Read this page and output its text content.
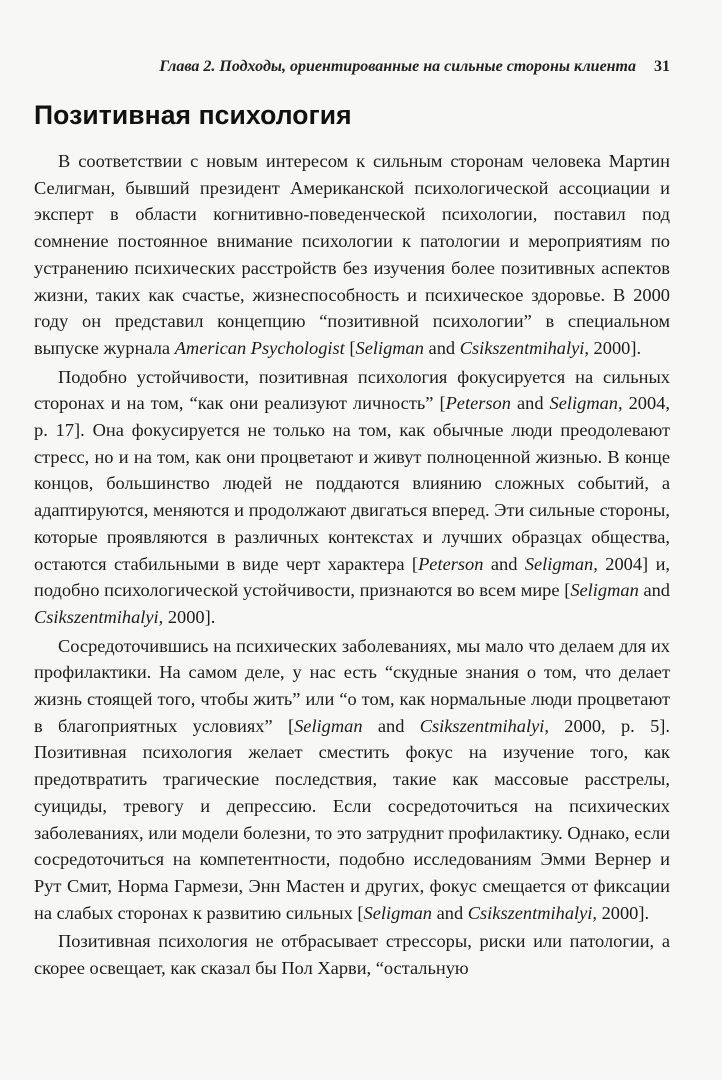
Глава 2. Подходы, ориентированные на сильные стороны клиента 31
Позитивная психология

В соответствии с новым интересом к сильным сторонам человека Мартин Селигман, бывший президент Американской психологической ассоциации и эксперт в области когнитивно-поведенческой психологии, поставил под сомнение постоянное внимание психологии к патологии и мероприятиям по устранению психических расстройств без изучения более позитивных аспектов жизни, таких как счастье, жизнеспособность и психическое здоровье. В 2000 году он представил концепцию “позитивной психологии” в специальном выпуске журнала American Psychologist [Seligman and Csikszentmihalyi, 2000].

Подобно устойчивости, позитивная психология фокусируется на сильных сторонах и на том, “как они реализуют личность” [Peterson and Seligman, 2004, p. 17]. Она фокусируется не только на том, как обычные люди преодолевают стресс, но и на том, как они процветают и живут полноценной жизнью. В конце концов, большинство людей не поддаются влиянию сложных событий, а адаптируются, меняются и продолжают двигаться вперед. Эти сильные стороны, которые проявляются в различных контекстах и лучших образцах общества, остаются стабильными в виде черт характера [Peterson and Seligman, 2004] и, подобно психологической устойчивости, признаются во всем мире [Seligman and Csikszentmihalyi, 2000].

Сосредоточившись на психических заболеваниях, мы мало что делаем для их профилактики. На самом деле, у нас есть “скудные знания о том, что делает жизнь стоящей того, чтобы жить” или “о том, как нормальные люди процветают в благоприятных условиях” [Seligman and Csikszentmihalyi, 2000, p. 5]. Позитивная психология желает сместить фокус на изучение того, как предотвратить трагические последствия, такие как массовые расстрелы, суициды, тревогу и депрессию. Если сосредоточиться на психических заболеваниях, или модели болезни, то это затруднит профилактику. Однако, если сосредоточиться на компетентности, подобно исследованиям Эмми Вернер и Рут Смит, Норма Гармези, Энн Мастен и других, фокус смещается от фиксации на слабых сторонах к развитию сильных [Seligman and Csikszentmihalyi, 2000].

Позитивная психология не отбрасывает стрессоры, риски или патологии, а скорее освещает, как сказал бы Пол Харви, “остальную
